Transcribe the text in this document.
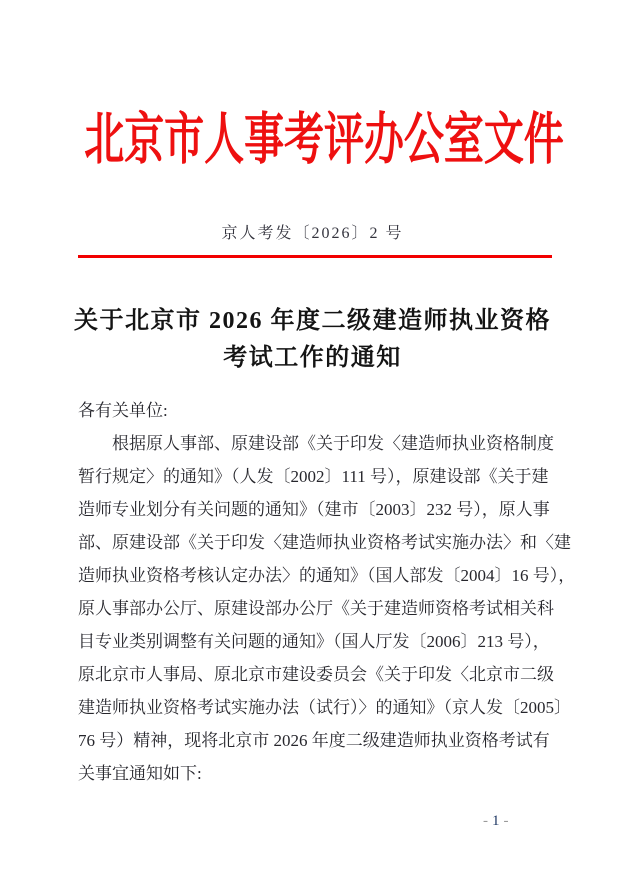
北京市人事考评办公室文件
京人考发〔2026〕2 号
关于北京市 2026 年度二级建造师执业资格
考试工作的通知
各有关单位:
根据原人事部、原建设部《关于印发〈建造师执业资格制度
暂行规定〉的通知》（人发〔2002〕111 号），原建设部《关于建
造师专业划分有关问题的通知》（建市〔2003〕232 号），原人事
部、原建设部《关于印发〈建造师执业资格考试实施办法〉和〈建
造师执业资格考核认定办法〉的通知》（国人部发〔2004〕16 号），
原人事部办公厅、原建设部办公厅《关于建造师资格考试相关科
目专业类别调整有关问题的通知》（国人厅发〔2006〕213 号），
原北京市人事局、原北京市建设委员会《关于印发〈北京市二级
建造师执业资格考试实施办法（试行）〉的通知》（京人发〔2005〕
76 号）精神，现将北京市 2026 年度二级建造师执业资格考试有
关事宜通知如下:
- 1 -
